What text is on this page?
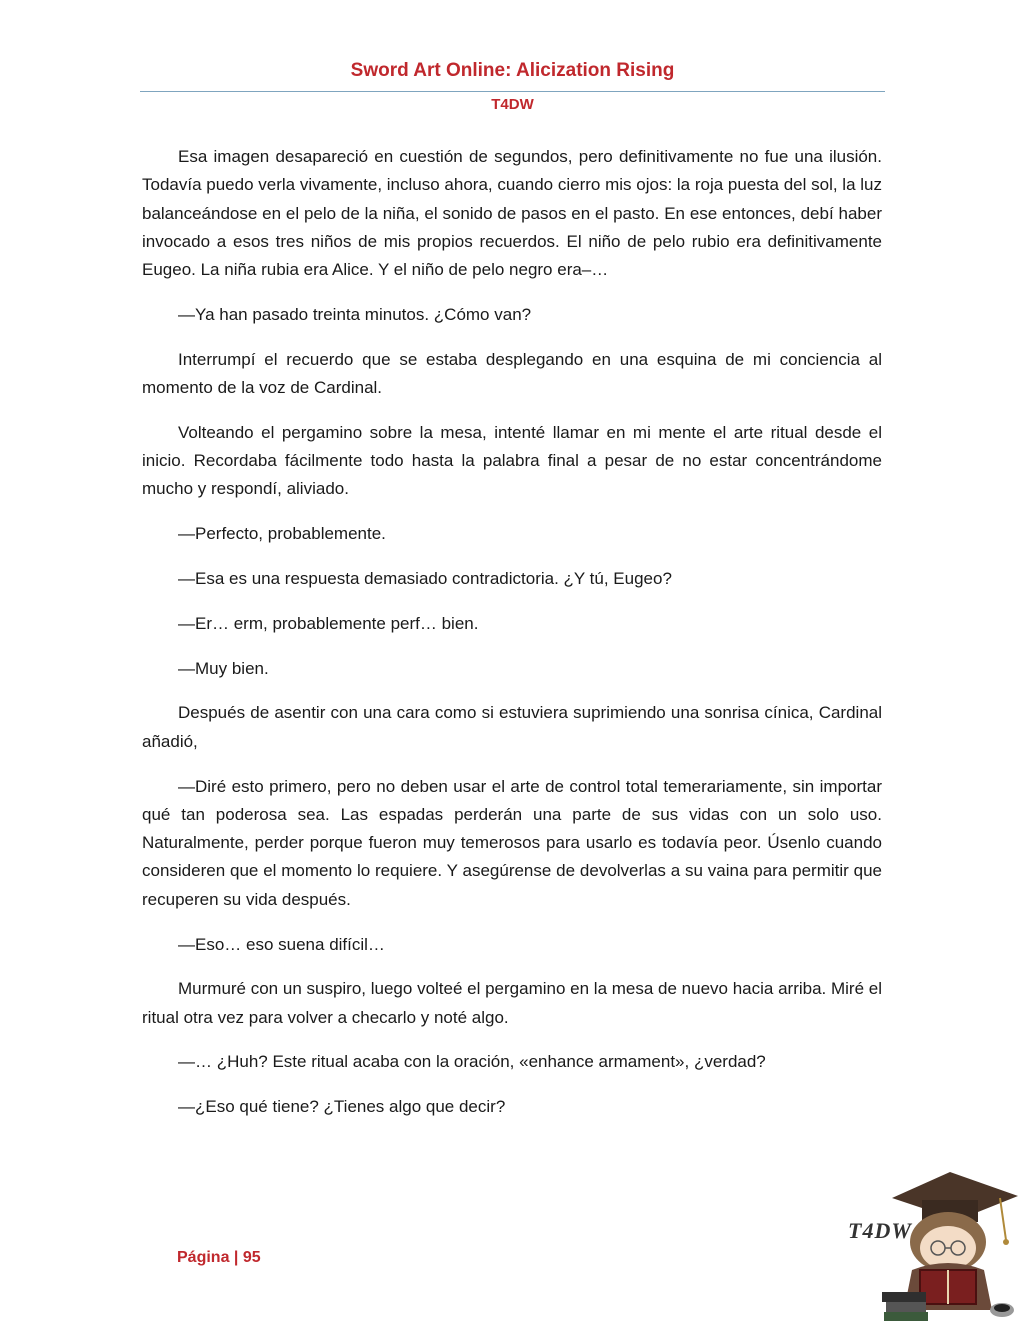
Sword Art Online: Alicization Rising
T4DW

Esa imagen desapareció en cuestión de segundos, pero definitivamente no fue una ilusión. Todavía puedo verla vivamente, incluso ahora, cuando cierro mis ojos: la roja puesta del sol, la luz balanceándose en el pelo de la niña, el sonido de pasos en el pasto. En ese entonces, debí haber invocado a esos tres niños de mis propios recuerdos. El niño de pelo rubio era definitivamente Eugeo. La niña rubia era Alice. Y el niño de pelo negro era–…

—Ya han pasado treinta minutos. ¿Cómo van?

Interrumpí el recuerdo que se estaba desplegando en una esquina de mi conciencia al momento de la voz de Cardinal.

Volteando el pergamino sobre la mesa, intenté llamar en mi mente el arte ritual desde el inicio. Recordaba fácilmente todo hasta la palabra final a pesar de no estar concentrándome mucho y respondí, aliviado.

—Perfecto, probablemente.

—Esa es una respuesta demasiado contradictoria. ¿Y tú, Eugeo?

—Er… erm, probablemente perf… bien.

—Muy bien.

Después de asentir con una cara como si estuviera suprimiendo una sonrisa cínica, Cardinal añadió,

—Diré esto primero, pero no deben usar el arte de control total temerariamente, sin importar qué tan poderosa sea. Las espadas perderán una parte de sus vidas con un solo uso. Naturalmente, perder porque fueron muy temerosos para usarlo es todavía peor. Úsenlo cuando consideren que el momento lo requiere. Y asegúrense de devolverlas a su vaina para permitir que recuperen su vida después.

—Eso… eso suena difícil…

Murmuré con un suspiro, luego volteé el pergamino en la mesa de nuevo hacia arriba. Miré el ritual otra vez para volver a checarlo y noté algo.

—… ¿Huh? Este ritual acaba con la oración, «enhance armament», ¿verdad?

—¿Eso qué tiene? ¿Tienes algo que decir?

Página | 95
T4DW
